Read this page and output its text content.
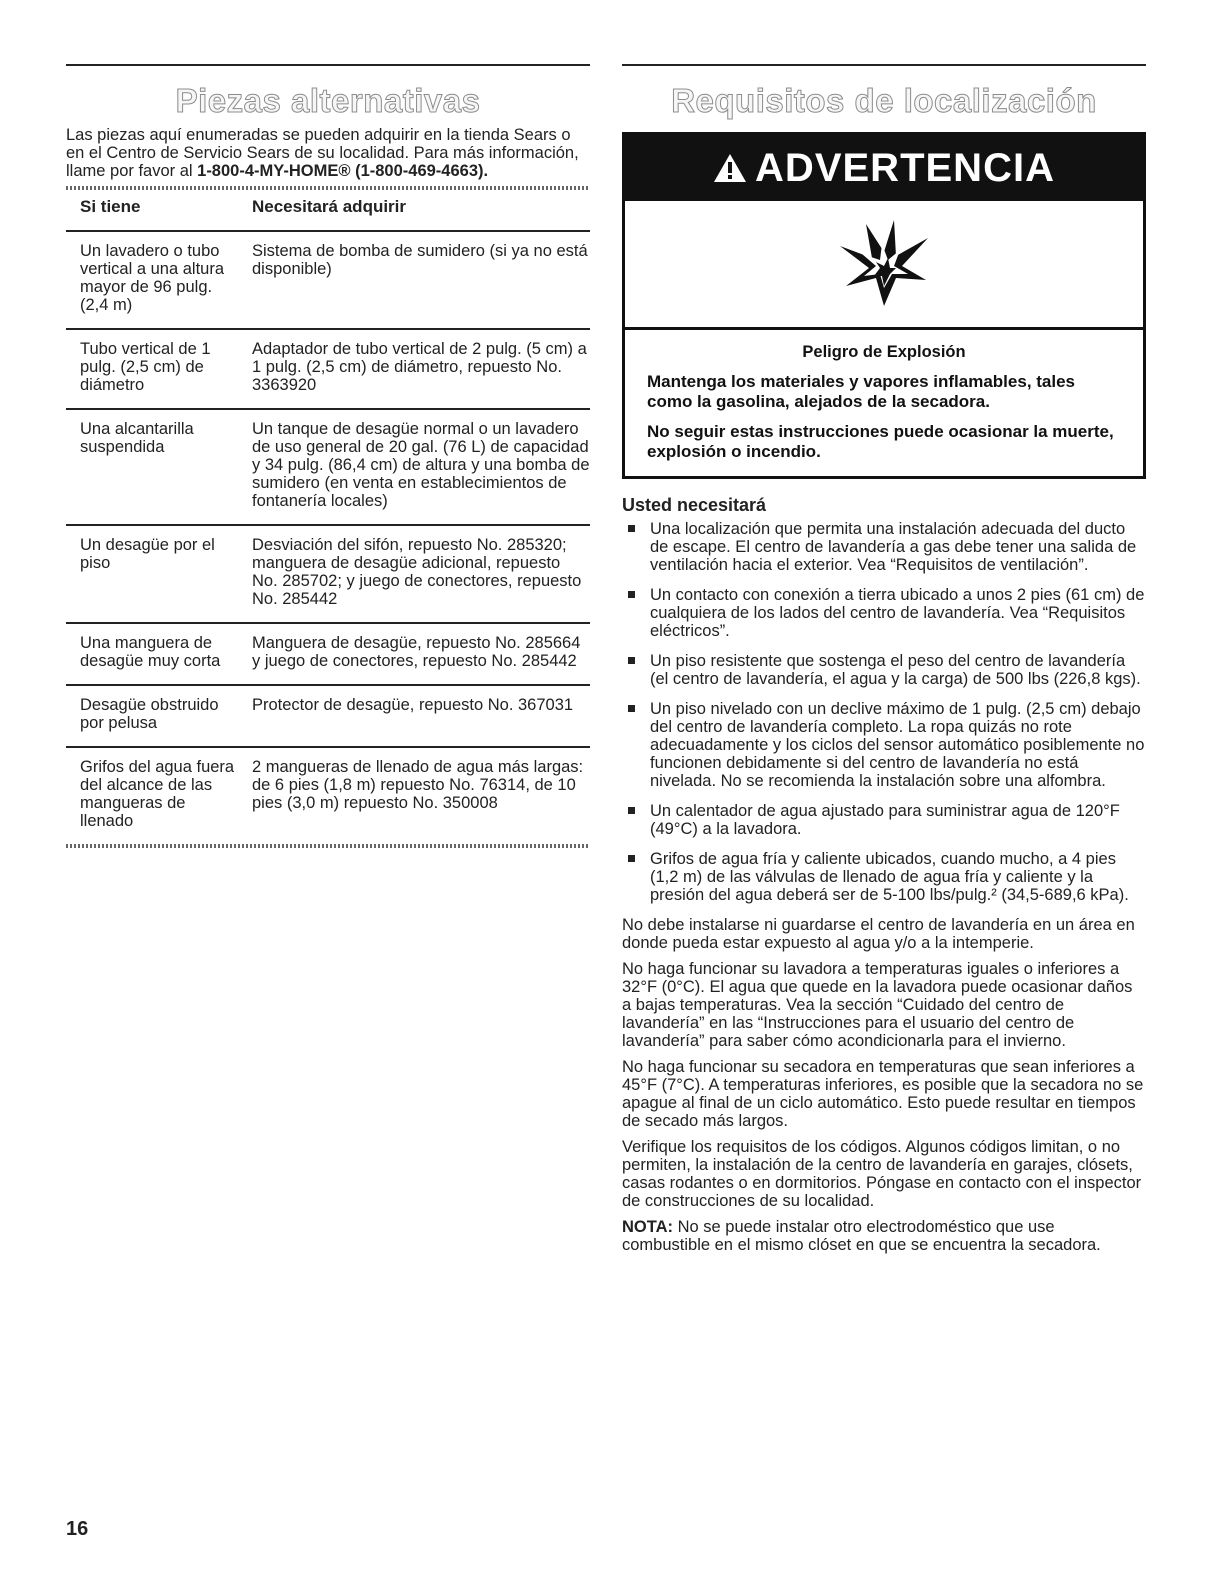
Piezas alternativas

Las piezas aquí enumeradas se pueden adquirir en la tienda Sears o en el Centro de Servicio Sears de su localidad. Para más información, llame por favor al 1-800-4-MY-HOME® (1-800-469-4663).

Si tiene	Necesitará adquirir
Un lavadero o tubo vertical a una altura mayor de 96 pulg. (2,4 m)	Sistema de bomba de sumidero (si ya no está disponible)
Tubo vertical de 1 pulg. (2,5 cm) de diámetro	Adaptador de tubo vertical de 2 pulg. (5 cm) a 1 pulg. (2,5 cm) de diámetro, repuesto No. 3363920
Una alcantarilla suspendida	Un tanque de desagüe normal o un lavadero de uso general de 20 gal. (76 L) de capacidad y 34 pulg. (86,4 cm) de altura y una bomba de sumidero (en venta en establecimientos de fontanería locales)
Un desagüe por el piso	Desviación del sifón, repuesto No. 285320; manguera de desagüe adicional, repuesto No. 285702; y juego de conectores, repuesto No. 285442
Una manguera de desagüe muy corta	Manguera de desagüe, repuesto No. 285664 y juego de conectores, repuesto No. 285442
Desagüe obstruido por pelusa	Protector de desagüe, repuesto No. 367031
Grifos del agua fuera del alcance de las mangueras de llenado	2 mangueras de llenado de agua más largas: de 6 pies (1,8 m) repuesto No. 76314, de 10 pies (3,0 m) repuesto No. 350008
Requisitos de localización
ADVERTENCIA
Peligro de Explosión

Mantenga los materiales y vapores inflamables, tales como la gasolina, alejados de la secadora.

No seguir estas instrucciones puede ocasionar la muerte, explosión o incendio.

Usted necesitará
Una localización que permita una instalación adecuada del ducto de escape. El centro de lavandería a gas debe tener una salida de ventilación hacia el exterior. Vea “Requisitos de ventilación”.
Un contacto con conexión a tierra ubicado a unos 2 pies (61 cm) de cualquiera de los lados del centro de lavandería. Vea “Requisitos eléctricos”.
Un piso resistente que sostenga el peso del centro de lavandería (el centro de lavandería, el agua y la carga) de 500 lbs (226,8 kgs).
Un piso nivelado con un declive máximo de 1 pulg. (2,5 cm) debajo del centro de lavandería completo. La ropa quizás no rote adecuadamente y los ciclos del sensor automático posiblemente no funcionen debidamente si del centro de lavandería no está nivelada. No se recomienda la instalación sobre una alfombra.
Un calentador de agua ajustado para suministrar agua de 120°F (49°C) a la lavadora.
Grifos de agua fría y caliente ubicados, cuando mucho, a 4 pies (1,2 m) de las válvulas de llenado de agua fría y caliente y la presión del agua deberá ser de 5-100 lbs/pulg.² (34,5-689,6 kPa).

No debe instalarse ni guardarse el centro de lavandería en un área en donde pueda estar expuesto al agua y/o a la intemperie.

No haga funcionar su lavadora a temperaturas iguales o inferiores a 32°F (0°C). El agua que quede en la lavadora puede ocasionar daños a bajas temperaturas. Vea la sección “Cuidado del centro de lavandería” en las “Instrucciones para el usuario del centro de lavandería” para saber cómo acondicionarla para el invierno.

No haga funcionar su secadora en temperaturas que sean inferiores a 45°F (7°C). A temperaturas inferiores, es posible que la secadora no se apague al final de un ciclo automático. Esto puede resultar en tiempos de secado más largos.

Verifique los requisitos de los códigos. Algunos códigos limitan, o no permiten, la instalación de la centro de lavandería en garajes, clósets, casas rodantes o en dormitorios. Póngase en contacto con el inspector de construcciones de su localidad.

NOTA: No se puede instalar otro electrodoméstico que use combustible en el mismo clóset en que se encuentra la secadora.

16
